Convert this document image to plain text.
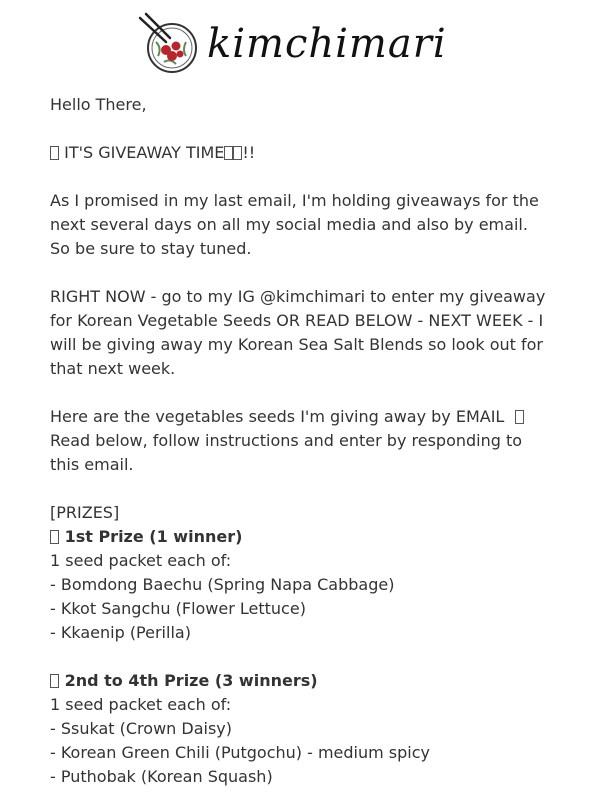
kimchimari

Hello There,

IT'S GIVEAWAY TIME !!

As I promised in my last email, I'm holding giveaways for the next several days on all my social media and also by email. So be sure to stay tuned.

RIGHT NOW - go to my IG @kimchimari to enter my giveaway for Korean Vegetable Seeds OR READ BELOW - NEXT WEEK - I will be giving away my Korean Sea Salt Blends so look out for that next week.

Here are the vegetables seeds I'm giving away by EMAIL   Read below, follow instructions and enter by responding to this email.

[PRIZES]
1st Prize (1 winner)
1 seed packet each of:
- Bomdong Baechu (Spring Napa Cabbage)
- Kkot Sangchu (Flower Lettuce)
- Kkaenip (Perilla)

2nd to 4th Prize (3 winners)
1 seed packet each of:
- Ssukat (Crown Daisy)
- Korean Green Chili (Putgochu) - medium spicy
- Puthobak (Korean Squash)
